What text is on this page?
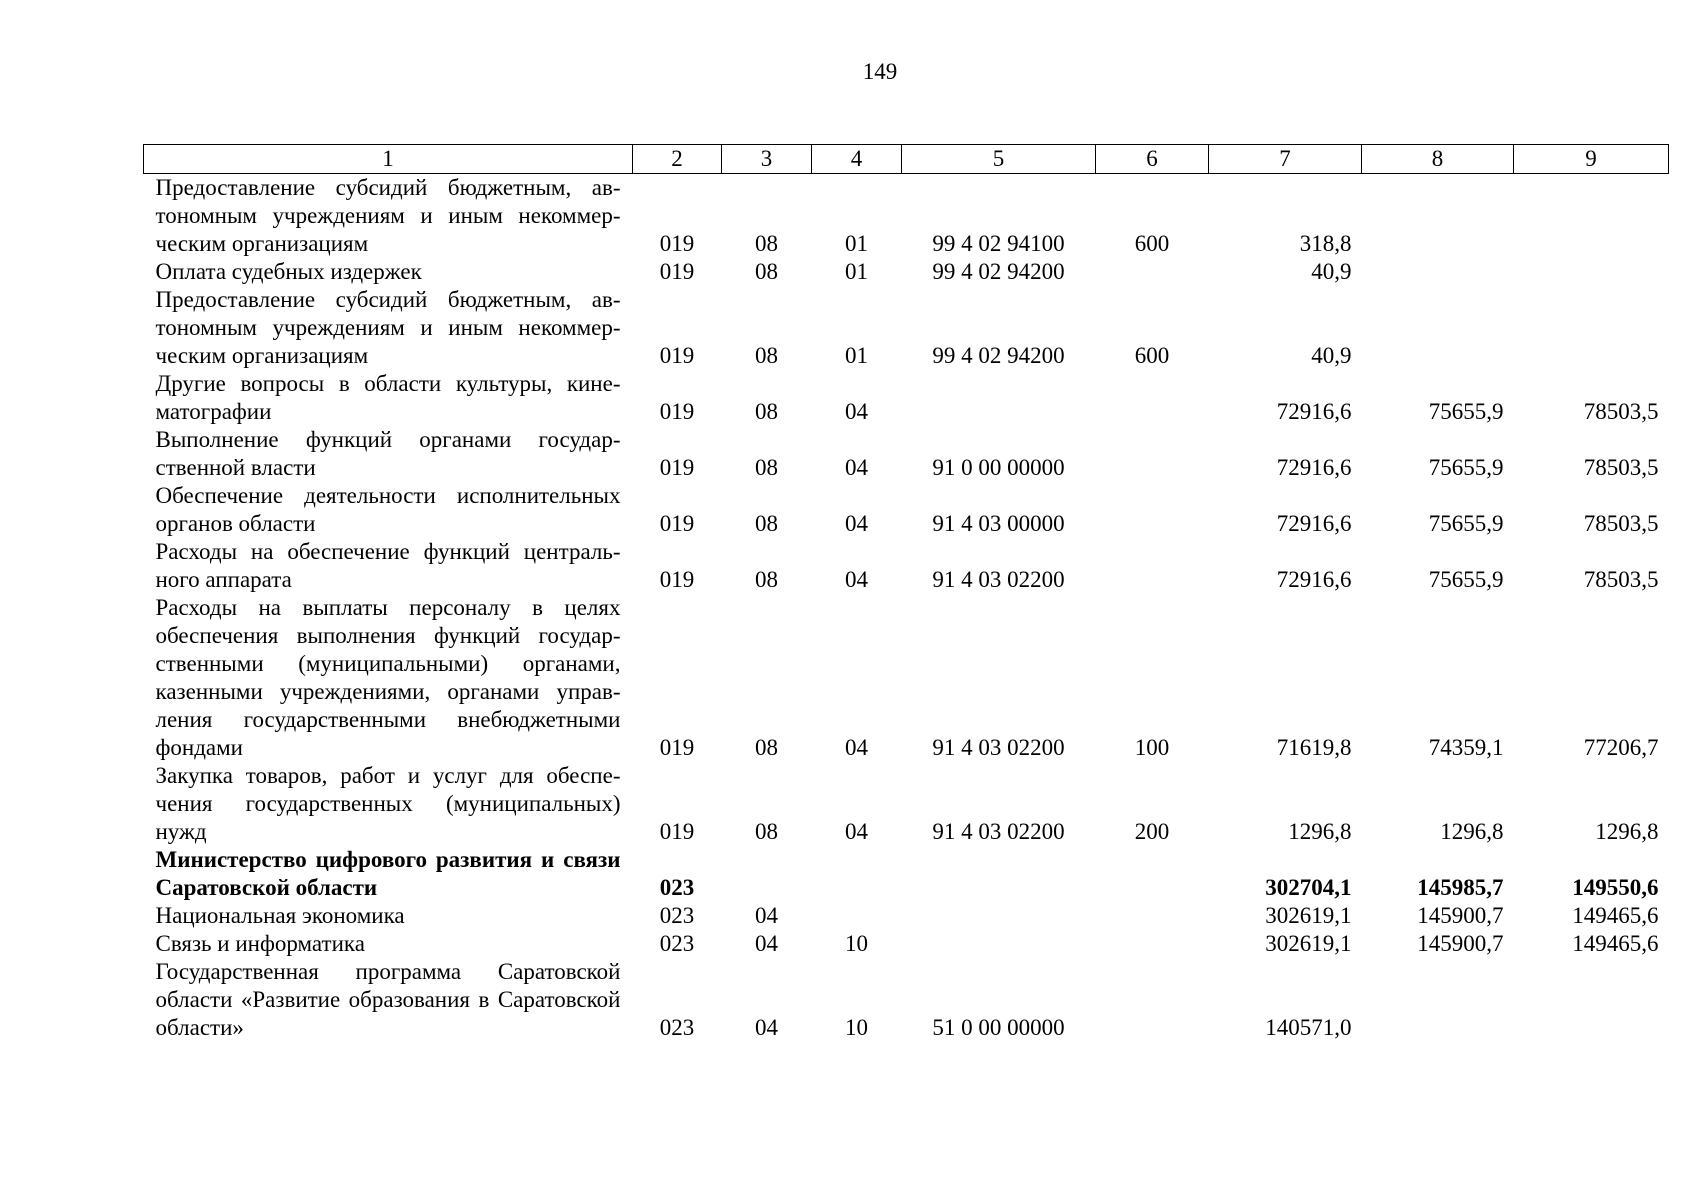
149
1	2	3	4	5	6	7	8	9
Предоставление субсидий бюджетным, автономным учреждениям и иным некоммерческим организациям	019	08	01	99 4 02 94100	600	318,8		
Оплата судебных издержек	019	08	01	99 4 02 94200		40,9		
Предоставление субсидий бюджетным, автономным учреждениям и иным некоммерческим организациям	019	08	01	99 4 02 94200	600	40,9		
Другие вопросы в области культуры, кинематографии	019	08	04			72916,6	75655,9	78503,5
Выполнение функций органами государственной власти	019	08	04	91 0 00 00000		72916,6	75655,9	78503,5
Обеспечение деятельности исполнительных органов области	019	08	04	91 4 03 00000		72916,6	75655,9	78503,5
Расходы на обеспечение функций центрального аппарата	019	08	04	91 4 03 02200		72916,6	75655,9	78503,5
Расходы на выплаты персоналу в целях обеспечения выполнения функций государственными (муниципальными) органами, казенными учреждениями, органами управления государственными внебюджетными фондами	019	08	04	91 4 03 02200	100	71619,8	74359,1	77206,7
Закупка товаров, работ и услуг для обеспечения государственных (муниципальных) нужд	019	08	04	91 4 03 02200	200	1296,8	1296,8	1296,8
Министерство цифрового развития и связи Саратовской области	023					302704,1	145985,7	149550,6
Национальная экономика	023	04				302619,1	145900,7	149465,6
Связь и информатика	023	04	10			302619,1	145900,7	149465,6
Государственная программа Саратовской области «Развитие образования в Саратовской области»	023	04	10	51 0 00 00000		140571,0		
